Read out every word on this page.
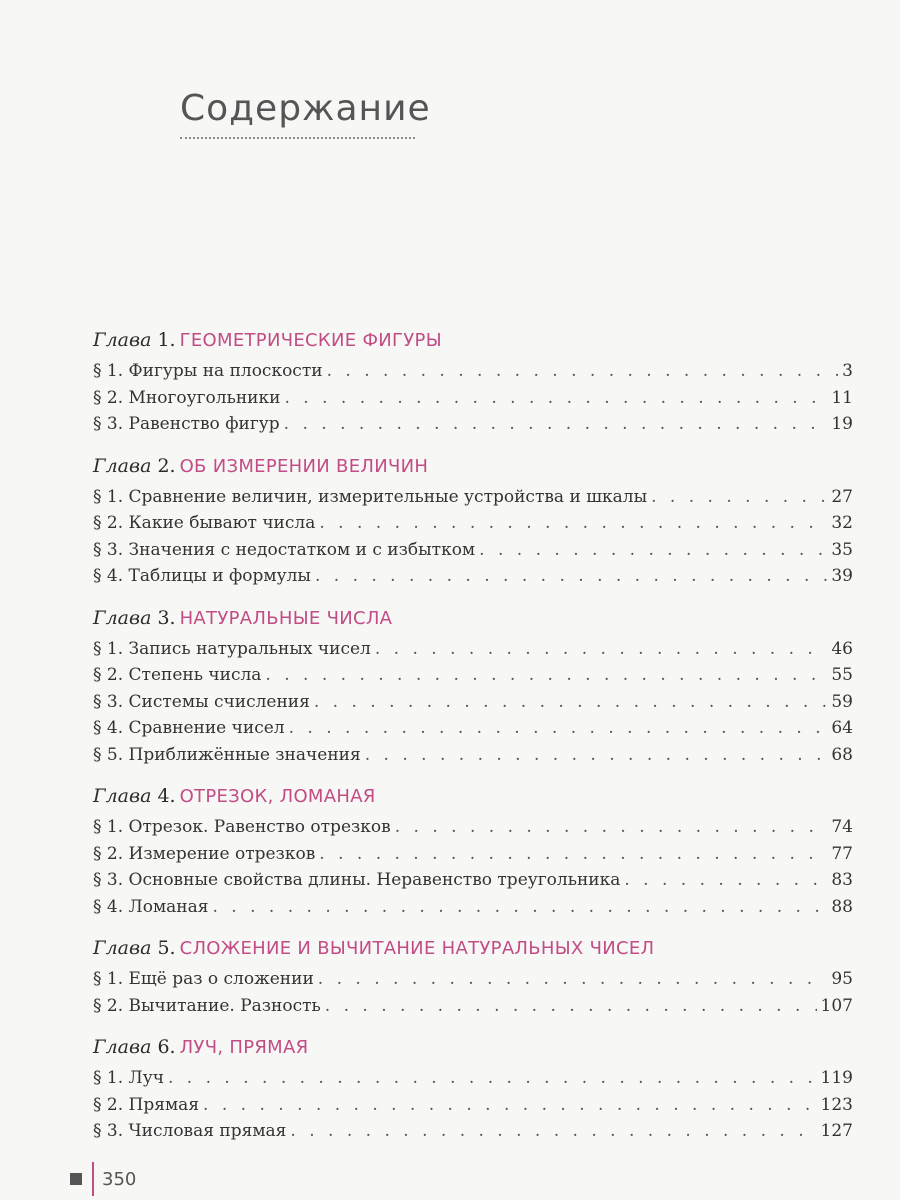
Содержание
Глава 1. ГЕОМЕТРИЧЕСКИЕ ФИГУРЫ
§ 1. Фигуры на плоскости . . .	3
§ 2. Многоугольники . . .	11
§ 3. Равенство фигур . . .	19
Глава 2. ОБ ИЗМЕРЕНИИ ВЕЛИЧИН
§ 1. Сравнение величин, измерительные устройства и шкалы . . .	27
§ 2. Какие бывают числа . . .	32
§ 3. Значения с недостатком и с избытком . . .	35
§ 4. Таблицы и формулы . . .	39
Глава 3. НАТУРАЛЬНЫЕ ЧИСЛА
§ 1. Запись натуральных чисел . . .	46
§ 2. Степень числа . . .	55
§ 3. Системы счисления . . .	59
§ 4. Сравнение чисел . . .	64
§ 5. Приближённые значения . . .	68
Глава 4. ОТРЕЗОК, ЛОМАНАЯ
§ 1. Отрезок. Равенство отрезков . . .	74
§ 2. Измерение отрезков . . .	77
§ 3. Основные свойства длины. Неравенство треугольника . . .	83
§ 4. Ломаная . . .	88
Глава 5. СЛОЖЕНИЕ И ВЫЧИТАНИЕ НАТУРАЛЬНЫХ ЧИСЕЛ
§ 1. Ещё раз о сложении . . .	95
§ 2. Вычитание. Разность . . .	107
Глава 6. ЛУЧ, ПРЯМАЯ
§ 1. Луч . . .	119
§ 2. Прямая . . .	123
§ 3. Числовая прямая . . .	127
350
